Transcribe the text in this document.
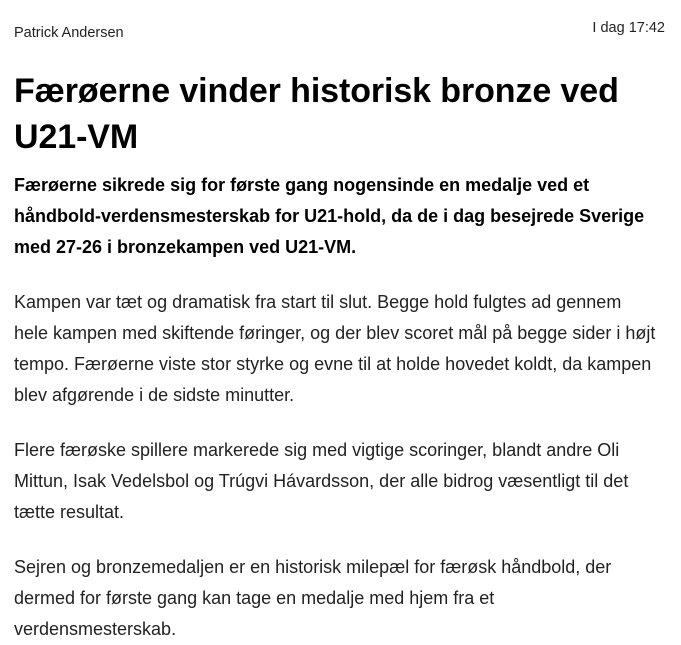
Patrick Andersen	I dag 17:42
Færøerne vinder historisk bronze ved U21-VM

Færøerne sikrede sig for første gang nogensinde en medalje ved et håndbold-verdensmesterskab for U21-hold, da de i dag besejrede Sverige med 27-26 i bronzekampen ved U21-VM.

Kampen var tæt og dramatisk fra start til slut. Begge hold fulgtes ad gennem hele kampen med skiftende føringer, og der blev scoret mål på begge sider i højt tempo. Færøerne viste stor styrke og evne til at holde hovedet koldt, da kampen blev afgørende i de sidste minutter.

Flere færøske spillere markerede sig med vigtige scoringer, blandt andre Oli Mittun, Isak Vedelsbol og Trúgvi Hávardsson, der alle bidrog væsentligt til det tætte resultat.

Sejren og bronzemedaljen er en historisk milepæl for færøsk håndbold, der dermed for første gang kan tage en medalje med hjem fra et verdensmesterskab.
